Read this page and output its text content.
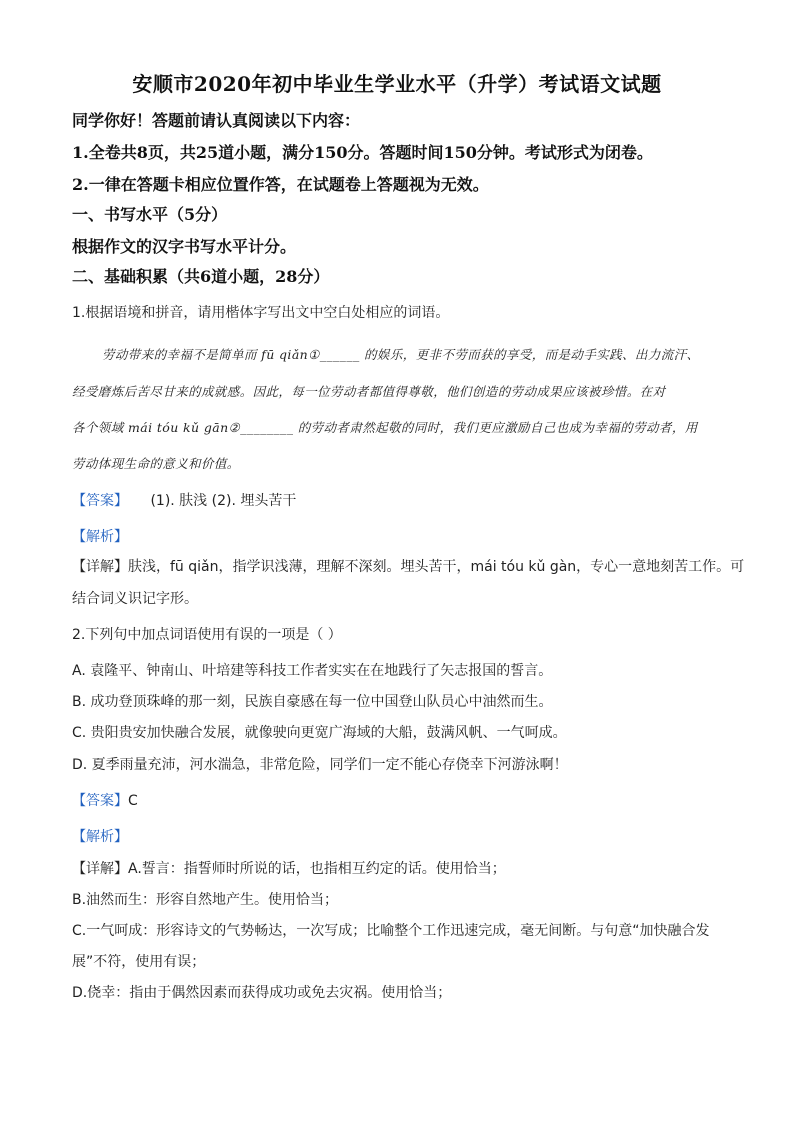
安顺市2020年初中毕业生学业水平（升学）考试语文试题
同学你好！答题前请认真阅读以下内容：
1.全卷共8页，共25道小题，满分150分。答题时间150分钟。考试形式为闭卷。
2.一律在答题卡相应位置作答，在试题卷上答题视为无效。
一、书写水平（5分）
根据作文的汉字书写水平计分。
二、基础积累（共6道小题，28分）
1.根据语境和拼音，请用楷体字写出文中空白处相应的词语。
劳动带来的幸福不是简单而 fū qiǎn①______ 的娱乐，更非不劳而获的享受，而是动手实践、出力流汗、
经受磨炼后苦尽甘来的成就感。因此，每一位劳动者都值得尊敬，他们创造的劳动成果应该被珍惜。在对
各个领域 mái tóu kǔ gān②________ 的劳动者肃然起敬的同时，我们更应激励自己也成为幸福的劳动者，用
劳动体现生命的意义和价值。
【答案】 (1). 肤浅 (2). 埋头苦干
【解析】
【详解】肤浅，fū qiǎn，指学识浅薄，理解不深刻。埋头苦干，mái tóu kǔ gàn，专心一意地刻苦工作。可
结合词义识记字形。
2.下列句中加点词语使用有误的一项是（ ）
A. 袁隆平、钟南山、叶培建等科技工作者实实在在地践行了矢志报国的誓言。
B. 成功登顶珠峰的那一刻，民族自豪感在每一位中国登山队员心中油然而生。
C. 贵阳贵安加快融合发展，就像驶向更宽广海域的大船，鼓满风帆、一气呵成。
D. 夏季雨量充沛，河水湍急，非常危险，同学们一定不能心存侥幸下河游泳啊！
【答案】C
【解析】
【详解】A.誓言：指誓师时所说的话，也指相互约定的话。使用恰当；
B.油然而生：形容自然地产生。使用恰当；
C.一气呵成：形容诗文的气势畅达，一次写成；比喻整个工作迅速完成，毫无间断。与句意“加快融合发
展”不符，使用有误；
D.侥幸：指由于偶然因素而获得成功或免去灾祸。使用恰当；
